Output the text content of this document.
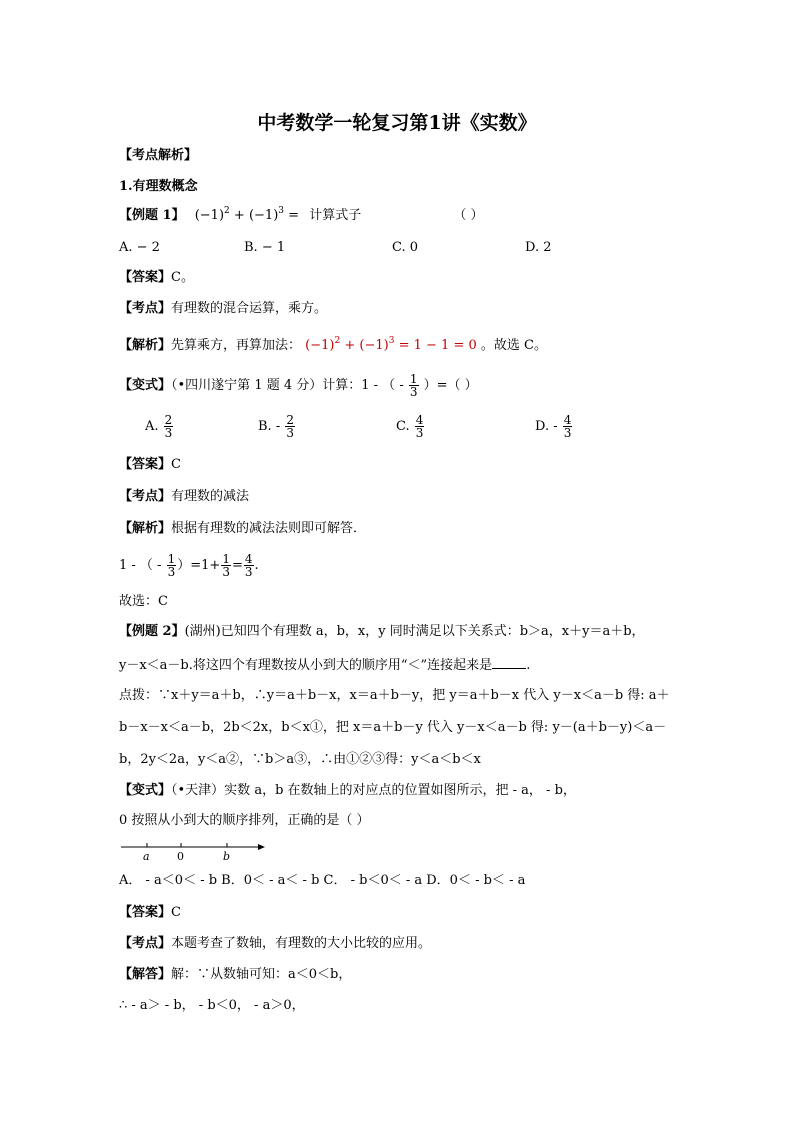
中考数学一轮复习第1讲《实数》
【考点解析】
1.有理数概念
【例题 1】 $(-1)^2 + (-1)^3$ = 计算式子	（ ）
A. − 2	B. − 1	C. 0	D. 2
【答案】C。
【考点】有理数的混合运算，乘方。
【解析】先算乘方，再算加法： $(-1)^2 + (-1)^3 = 1 - 1 = 0$ 。故选 C。
【变式】（•四川遂宁第 1 题 4 分）计算：1 - （ - $\frac{1}{3}$ ）=（ ）
A. $\frac{2}{3}$	B. - $\frac{2}{3}$	C. $\frac{4}{3}$	D. - $\frac{4}{3}$
【答案】C
【考点】有理数的减法
【解析】根据有理数的减法法则即可解答．
1 - （ - $\frac{1}{3} )=1+ \frac{1}{3} = \frac{4}{3}$ .
故选：C
【例题 2】(湖州)已知四个有理数 a，b，x，y 同时满足以下关系式：b＞a，x＋y＝a＋b，
y－x＜a－b.将这四个有理数按从小到大的顺序用“＜”连接起来是	.
点拨：∵x＋y＝a＋b，∴y＝a＋b－x，x＝a＋b－y，把 y＝a＋b－x 代入 y－x＜a－b 得: a＋
b－x－x＜a－b，2b＜2x，b＜x①，把 x＝a＋b－y 代入 y－x＜a－b 得: y－(a＋b－y)＜a－
b，2y＜2a，y＜a②，∵b＞a③，∴由①②③得：y＜a＜b＜x
【变式】（•天津）实数 a，b 在数轴上的对应点的位置如图所示，把 - a， - b，
0 按照从小到大的顺序排列，正确的是（ ）
a 0	b
A． - a＜0＜ - b B．0＜ - a＜ - b C． - b＜0＜ - a D．0＜ - b＜ - a
【答案】C
【考点】本题考查了数轴，有理数的大小比较的应用。
【解答】解：∵从数轴可知：a＜0＜b，
∴ - a＞ - b， - b＜0， - a＞0，
